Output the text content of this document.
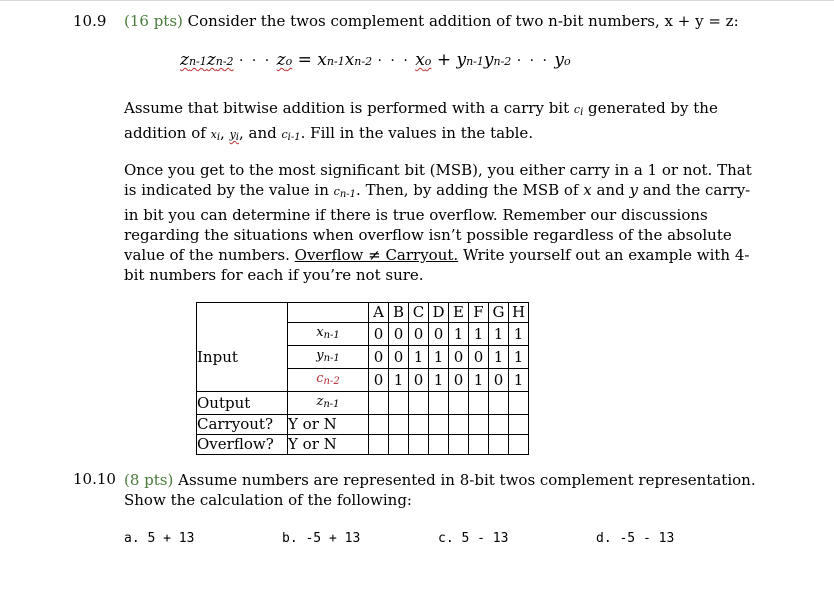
10.9 (16 pts) Consider the twos complement addition of two n-bit numbers, x + y = z:
zn-1zn-2 · · · zo = xn-1xn-2 · · · xo + yn-1yn-2 · · · yo

Assume that bitwise addition is performed with a carry bit $c_i$ generated by the

addition of $x_i$, $y_i$, and $c_{i-1}$. Fill in the values in the table.

Once you get to the most significant bit (MSB), you either carry in a 1 or not. That

is indicated by the value in $c_{n-1}$. Then, by adding the MSB of x and y and the carry-

in bit you can determine if there is true overflow. Remember our discussions

regarding the situations when overflow isn’t possible regardless of the absolute

value of the numbers. Overflow ≠ Carryout. Write yourself out an example with 4-

bit numbers for each if you’re not sure.

		A	B	C	D	E	F	G	H
	$x_{n-1}$	0	0	0	0	1	1	1	1
Input	$y_{n-1}$	0	0	1	1	0	0	1	1
	$c_{n-2}$	0	1	0	1	0	1	0	1
Output	$z_{n-1}$								
Carryout?	Y or N								
Overflow?	Y or N								
10.10 (8 pts) Assume numbers are represented in 8-bit twos complement representation.
Show the calculation of the following:
a. 5 + 13	b. -5 + 13	c. 5 - 13	d. -5 - 13
